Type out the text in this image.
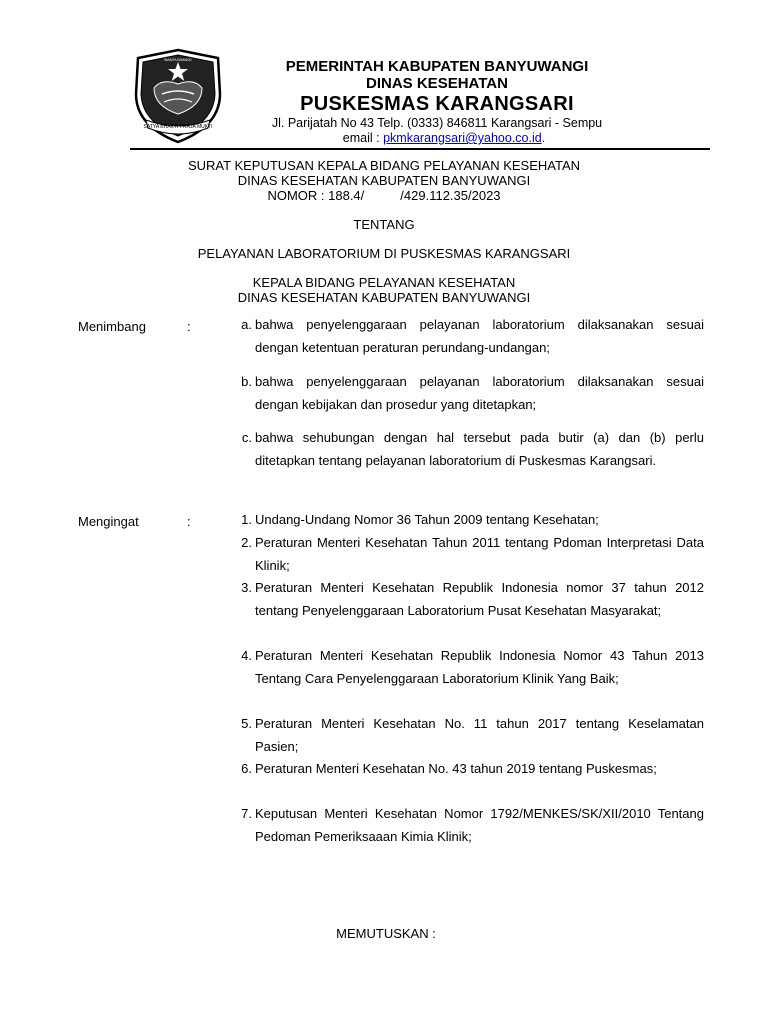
SATYA BHAKTI PRAJA MUKTI
BANYUWANGI	PEMERINTAH KABUPATEN BANYUWANGI
DINAS KESEHATAN
PUSKESMAS KARANGSARI
Jl. Parijatah No 43 Telp. (0333) 846811 Karangsari - Sempu
email : pkmkarangsari@yahoo.co.id.
SURAT KEPUTUSAN KEPALA BIDANG PELAYANAN KESEHATAN
DINAS KESEHATAN KABUPATEN BANYUWANGI
NOMOR : 188.4/	/429.112.35/2023
TENTANG
PELAYANAN LABORATORIUM DI PUSKESMAS KARANGSARI
KEPALA BIDANG PELAYANAN KESEHATAN
DINAS KESEHATAN KABUPATEN BANYUWANGI
Menimbang	:	a. bahwa penyelenggaraan pelayanan laboratorium dilaksanakan sesuai dengan ketentuan peraturan perundang-undangan;
b. bahwa penyelenggaraan pelayanan laboratorium dilaksanakan sesuai dengan kebijakan dan prosedur yang ditetapkan;
c. bahwa sehubungan dengan hal tersebut pada butir (a) dan (b) perlu ditetapkan tentang pelayanan laboratorium di Puskesmas Karangsari.
Mengingat	:	1. Undang-Undang Nomor 36 Tahun 2009 tentang Kesehatan;
2. Peraturan Menteri Kesehatan Tahun 2011 tentang Pdoman Interpretasi Data Klinik;
3. Peraturan Menteri Kesehatan Republik Indonesia nomor 37 tahun 2012 tentang Penyelenggaraan Laboratorium Pusat Kesehatan Masyarakat;
4. Peraturan Menteri Kesehatan Republik Indonesia Nomor 43 Tahun 2013 Tentang Cara Penyelenggaraan Laboratorium Klinik Yang Baik;
5. Peraturan Menteri Kesehatan No. 11 tahun 2017 tentang Keselamatan Pasien;
6. Peraturan Menteri Kesehatan No. 43 tahun 2019 tentang Puskesmas;
7. Keputusan Menteri Kesehatan Nomor 1792/MENKES/SK/XII/2010 Tentang Pedoman Pemeriksaaan Kimia Klinik;
MEMUTUSKAN :
